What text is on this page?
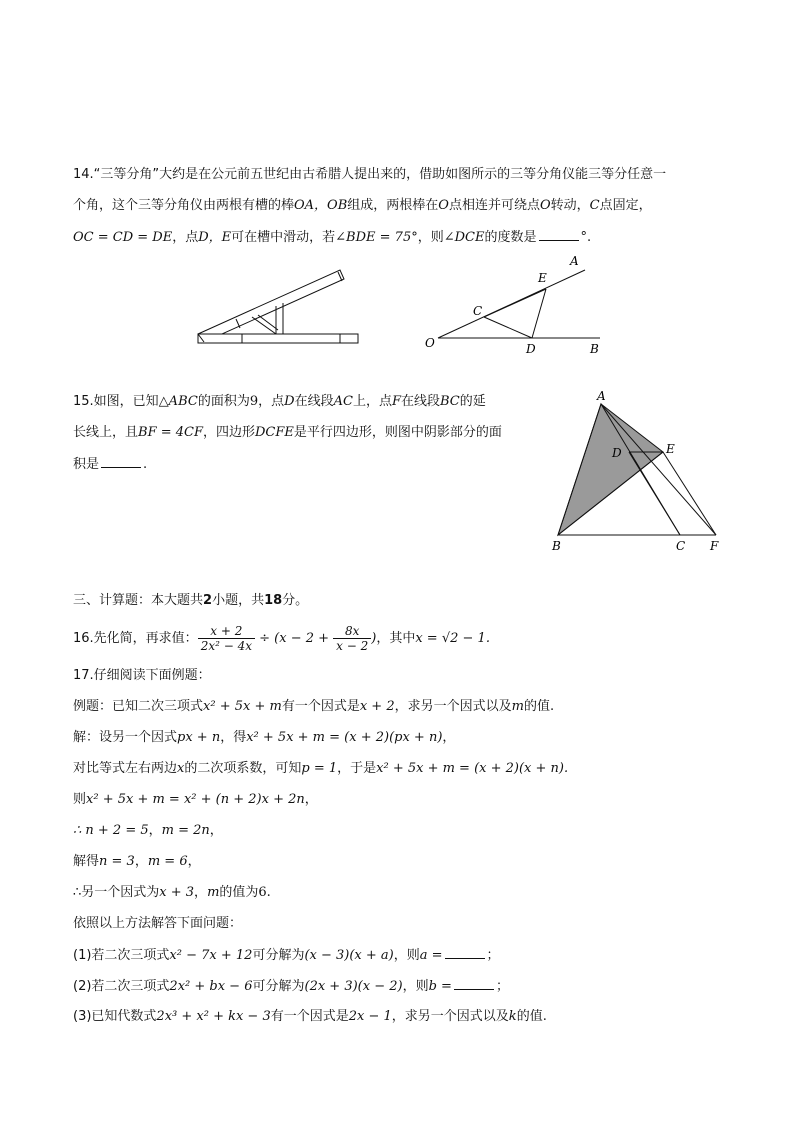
14.“三等分角”大约是在公元前五世纪由古希腊人提出来的，借助如图所示的三等分角仪能三等分任意一
个角，这个三等分角仪由两根有槽的棒OA，OB组成，两根棒在O点相连并可绕点O转动，C点固定，
OC = CD = DE，点D，E可在槽中滑动，若∠BDE = 75°，则∠DCE的度数是	°.
A
E
C
O	D	B
15.如图，已知△ABC的面积为9，点D在线段AC上，点F在线段BC的延
长线上，且BF = 4CF，四边形DCFE是平行四边形，则图中阴影部分的面
积是	.
A
D	E
B	C F
三、计算题：本大题共2小题，共18分。
16.先化简，再求值： $\frac{x + 2}{\text{2x² − 4x}} \div (x - 2 + \frac{8x}{x - 2}$ )，其中x = √2 − 1.
17.仔细阅读下面例题：
例题：已知二次三项式x² + 5x + m有一个因式是x + 2，求另一个因式以及m的值.
解：设另一个因式px + n，得x² + 5x + m = (x + 2)(px + n)，
对比等式左右两边x的二次项系数，可知p = 1，于是x² + 5x + m = (x + 2)(x + n).
则x² + 5x + m = x² + (n + 2)x + 2n，
∴ n + 2 = 5，m = 2n，
解得n = 3，m = 6，
∴另一个因式为x + 3，m的值为6.
依照以上方法解答下面问题：
(1)若二次三项式x² − 7x + 12可分解为(x − 3)(x + a)，则a =	；
(2)若二次三项式2x² + bx − 6可分解为(2x + 3)(x − 2)，则b =	；
(3)已知代数式2x³ + x² + kx − 3有一个因式是2x − 1，求另一个因式以及k的值.
